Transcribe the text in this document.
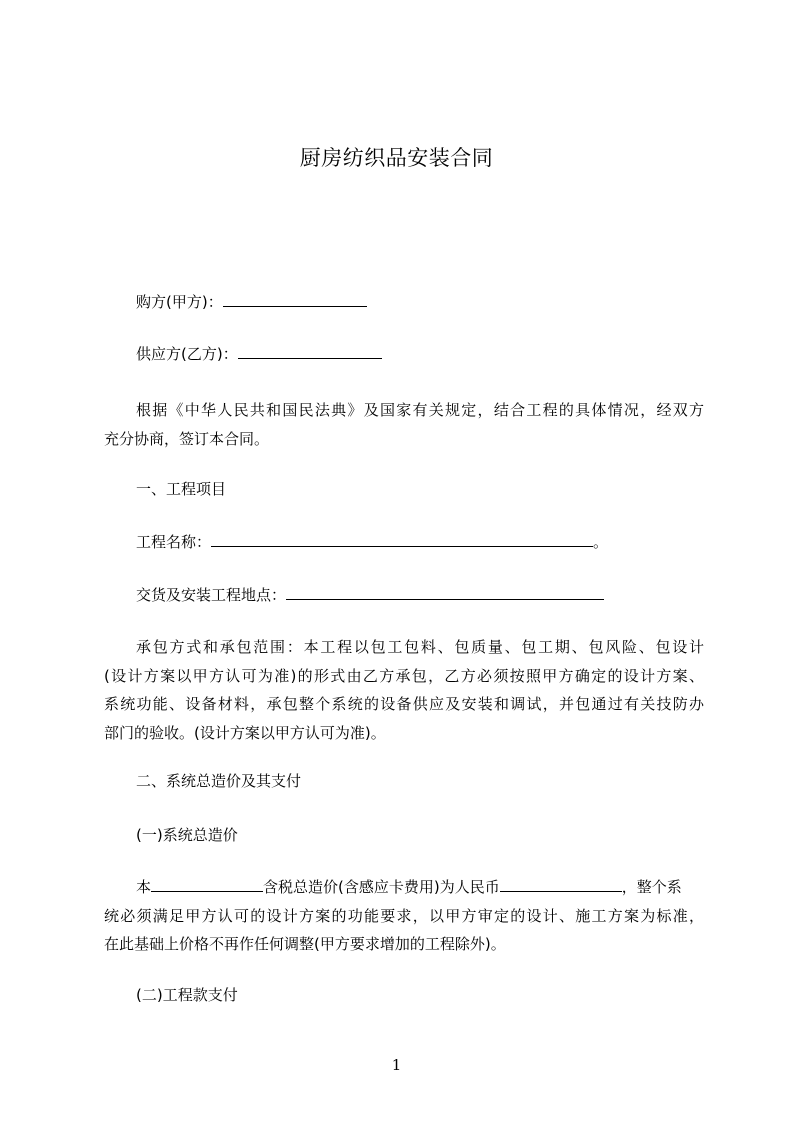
厨房纺织品安装合同
购方(甲方)：
供应方(乙方)：
根据《中华人民共和国民法典》及国家有关规定，结合工程的具体情况，经双方
充分协商，签订本合同。
一、工程项目
工程名称：	。
交货及安装工程地点：
承包方式和承包范围：本工程以包工包料、包质量、包工期、包风险、包设计
(设计方案以甲方认可为准)的形式由乙方承包，乙方必须按照甲方确定的设计方案、
系统功能、设备材料，承包整个系统的设备供应及安装和调试，并包通过有关技防办
部门的验收。(设计方案以甲方认可为准)。
二、系统总造价及其支付
(一)系统总造价
本	含税总造价(含感应卡费用)为人民币	，整个系
统必须满足甲方认可的设计方案的功能要求，以甲方审定的设计、施工方案为标准，
在此基础上价格不再作任何调整(甲方要求增加的工程除外)。
(二)工程款支付
1
